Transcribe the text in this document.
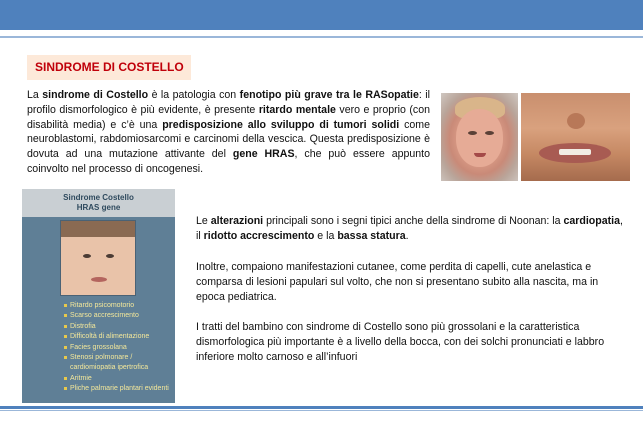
SINDROME DI COSTELLO

La sindrome di Costello è la patologia con fenotipo più grave tra le RASopatie: il profilo dismorfologico è più evidente, è presente ritardo mentale vero e proprio (con disabilità media) e c’è una predisposizione allo sviluppo di tumori solidi come neuroblastomi, rabdomiosarcomi e carcinomi della vescica. Questa predisposizione è dovuta ad una mutazione attivante del gene HRAS, che può essere appunto coinvolto nel processo di oncogenesi.

Sindrome Costello
HRAS gene
Ritardo psicomotorio
Scarso accrescimento
Distrofia
Difficoltà di alimentazione
Facies grossolana
Stenosi polmonare / cardiomiopatia ipertrofica
Aritmie
Pliche palmarie plantari evidenti

Le alterazioni principali sono i segni tipici anche della sindrome di Noonan: la cardiopatia, il ridotto accrescimento e la bassa statura.

Inoltre, compaiono manifestazioni cutanee, come perdita di capelli, cute anelastica e comparsa di lesioni papulari sul volto, che non si presentano subito alla nascita, ma in epoca pediatrica.

I tratti del bambino con sindrome di Costello sono più grossolani e la caratteristica dismorfologica più importante è a livello della bocca, con dei solchi pronunciati e labbro inferiore molto carnoso e all’infuori
